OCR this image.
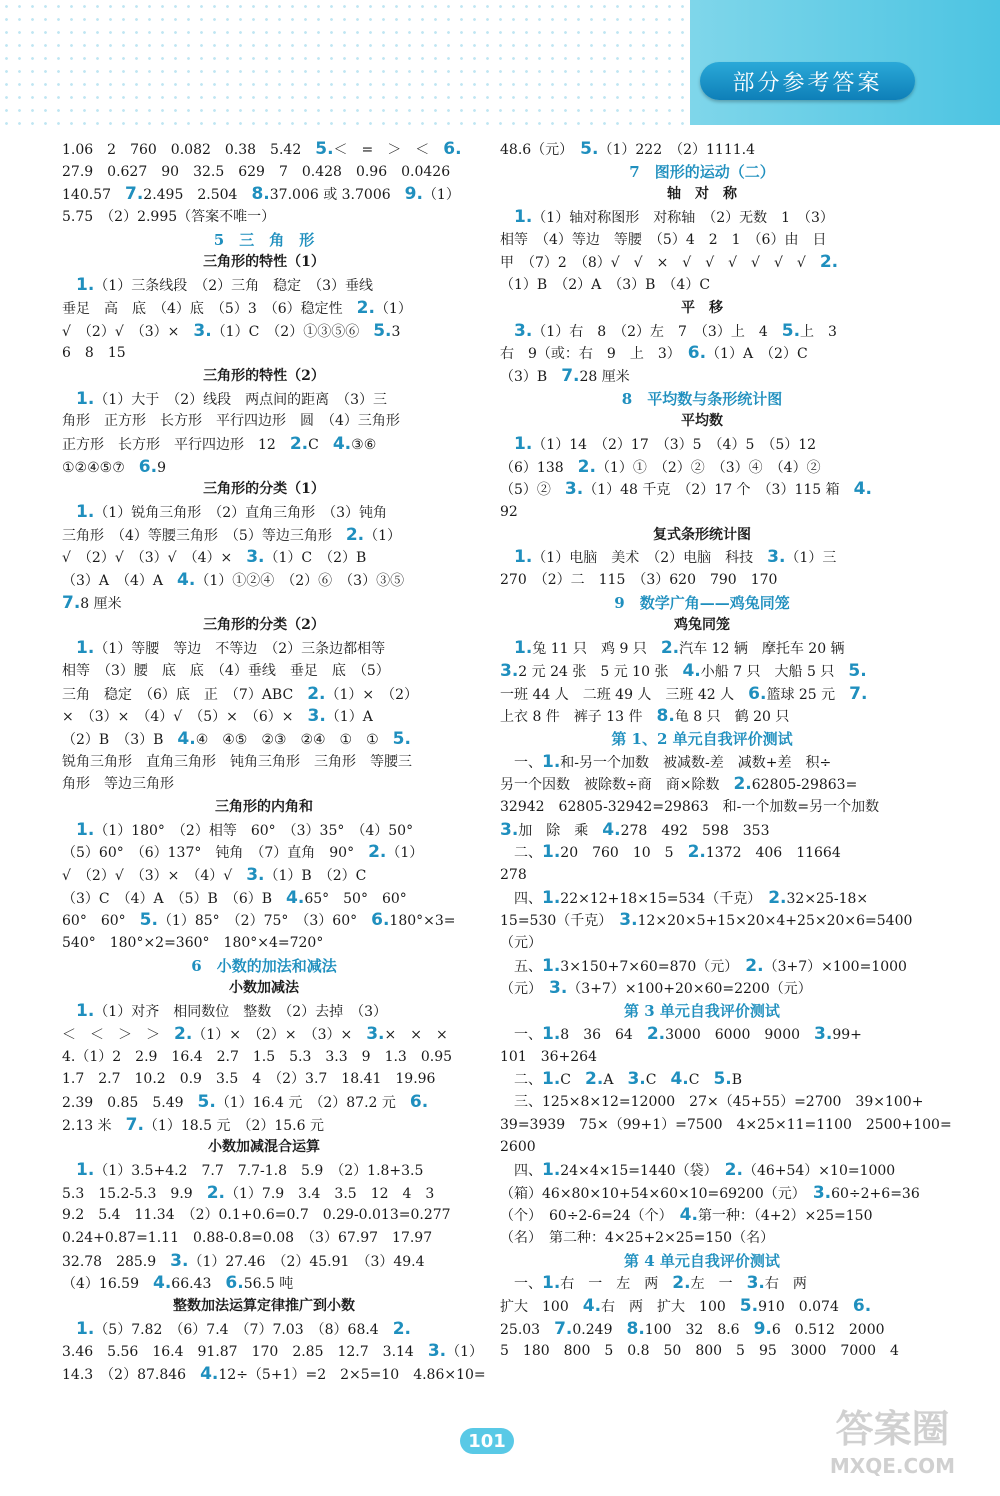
部分参考答案
1.06　2　760　0.082　0.38　5.42　5.＜　=　＞　＜　6.
27.9　0.627　90　32.5　629　7　0.428　0.96　0.0426
140.57　7.2.495　2.504　8.37.006 或 3.7006　9.（1）
5.75　（2）2.995（答案不唯一）
5　三　角　形
三角形的特性（1）
　1.（1）三条线段　（2）三角　稳定　（3）垂线
垂足　高　底　（4）底　（5）3　（6）稳定性　2.（1）
√　（2）√　（3）×　3.（1）C　（2）①③⑤⑥　5.3
6　8　15
三角形的特性（2）
　1.（1）大于　（2）线段　两点间的距离　（3）三
角形　正方形　长方形　平行四边形　圆　（4）三角形
正方形　长方形　平行四边形　12　2.C　4.③⑥
①②④⑤⑦　6.9
三角形的分类（1）
　1.（1）锐角三角形　（2）直角三角形　（3）钝角
三角形　（4）等腰三角形　（5）等边三角形　2.（1）
√　（2）√　（3）√　（4）×　3.（1）C　（2）B
（3）A　（4）A　4.（1）①②④　（2）⑥　（3）③⑤
7.8 厘米
三角形的分类（2）
　1.（1）等腰　等边　不等边　（2）三条边都相等
相等　（3）腰　底　底　（4）垂线　垂足　底　（5）
三角　稳定　（6）底　正　（7）ABC　2.（1）×　（2）
×　（3）×　（4）√　（5）×　（6）×　3.（1）A
（2）B　（3）B　4.④　④⑤　②③　②④　①　①　5.
锐角三角形　直角三角形　钝角三角形　三角形　等腰三
角形　等边三角形
三角形的内角和
　1.（1）180°　（2）相等　60°　（3）35°　（4）50°
（5）60°　（6）137°　钝角　（7）直角　90°　2.（1）
√　（2）√　（3）×　（4）√　3.（1）B　（2）C
（3）C　（4）A　（5）B　（6）B　4.65°　50°　60°
60°　60°　5.（1）85°　（2）75°　（3）60°　6.180°×3=
540°　180°×2=360°　180°×4=720°
6　小数的加法和减法
小数加减法
　1.（1）对齐　相同数位　整数　（2）去掉　（3）
＜　＜　＞　＞　2.（1）×　（2）×　（3）×　3.×　×　×
4.（1）2　2.9　16.4　2.7　1.5　5.3　3.3　9　1.3　0.95
1.7　2.7　10.2　0.9　3.5　4　（2）3.7　18.41　19.96
2.39　0.85　5.49　5.（1）16.4 元　（2）87.2 元　6.
2.13 米　7.（1）18.5 元　（2）15.6 元
小数加减混合运算
　1.（1）3.5+4.2　7.7　7.7-1.8　5.9　（2）1.8+3.5
5.3　15.2-5.3　9.9　2.（1）7.9　3.4　3.5　12　4　3
9.2　5.4　11.34　（2）0.1+0.6=0.7　0.29-0.013=0.277
0.24+0.87=1.11　0.88-0.8=0.08　（3）67.97　17.97
32.78　285.9　3.（1）27.46　（2）45.91　（3）49.4
（4）16.59　4.66.43　6.56.5 吨
整数加法运算定律推广到小数
　1.（5）7.82　（6）7.4　（7）7.03　（8）68.4　2.
3.46　5.56　16.4　91.87　170　2.85　12.7　3.14　3.（1）
14.3　（2）87.846　4.12÷（5+1）=2　2×5=10　4.86×10=
48.6（元）　5.（1）222　（2）1111.4
7　图形的运动（二）
轴　对　称
　1.（1）轴对称图形　对称轴　（2）无数　1　（3）
相等　（4）等边　等腰　（5）4　2　1　（6）由　日
甲　（7）2　（8）√　√　×　√　√　√　√　√　√　2.
（1）B　（2）A　（3）B　（4）C
平　移
　3.（1）右　8　（2）左　7　（3）上　4　5.上　3
右　9（或：右　9　上　3）　6.（1）A　（2）C
（3）B　7.28 厘米
8　平均数与条形统计图
平均数
　1.（1）14　（2）17　（3）5　（4）5　（5）12
（6）138　2.（1）①　（2）②　（3）④　（4）②
（5）②　3.（1）48 千克　（2）17 个　（3）115 箱　4.
92
复式条形统计图
　1.（1）电脑　美术　（2）电脑　科技　3.（1）三
270　（2）二　115　（3）620　790　170
9　数学广角——鸡兔同笼
鸡兔同笼
　1.兔 11 只　鸡 9 只　2.汽车 12 辆　摩托车 20 辆
3.2 元 24 张　5 元 10 张　4.小船 7 只　大船 5 只　5.
一班 44 人　二班 49 人　三班 42 人　6.篮球 25 元　7.
上衣 8 件　裤子 13 件　8.龟 8 只　鹤 20 只
第 1、2 单元自我评价测试
　一、1.和-另一个加数　被减数-差　减数+差　积÷
另一个因数　被除数÷商　商×除数　2.62805-29863=
32942　62805-32942=29863　和-一个加数=另一个加数
3.加　除　乘　4.278　492　598　353
　二、1.20　760　10　5　2.1372　406　11664
278
　四、1.22×12+18×15=534（千克）　2.32×25-18×
15=530（千克）　3.12×20×5+15×20×4+25×20×6=5400
（元）
　五、1.3×150+7×60=870（元）　2.（3+7）×100=1000
（元）　3.（3+7）×100+20×60=2200（元）
第 3 单元自我评价测试
　一、1.8　36　64　2.3000　6000　9000　3.99+
101　36+264
　二、1.C　2.A　3.C　4.C　5.B
　三、125×8×12=12000　27×（45+55）=2700　39×100+
39=3939　75×（99+1）=7500　4×25×11=1100　2500+100=
2600
　四、1.24×4×15=1440（袋）　2.（46+54）×10=1000
（箱）46×80×10+54×60×10=69200（元）　3.60÷2+6=36
（个）　60÷2-6=24（个）　4.第一种：（4+2）×25=150
（名）　第二种：4×25+2×25=150（名）
第 4 单元自我评价测试
　一、1.右　一　左　两　2.左　一　3.右　两
扩大　100　4.右　两　扩大　100　5.910　0.074　6.
25.03　7.0.249　8.100　32　8.6　9.6　0.512　2000
5　180　800　5　0.8　50　800　5　95　3000　7000　4
101	答案圈
MXQE.COM
